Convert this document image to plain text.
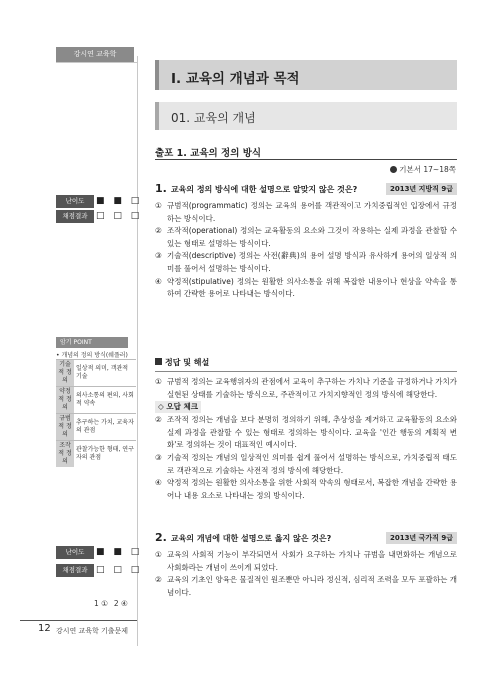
강시연 교육학
난이도	■ ■ □
채점결과 □ □ □
암기 POINT
• 개념의 정의 방식(쉐플러)
기술적 정의	일상적 의미, 객관적 기술
약정적 정의	의사소통의 편의, 사회적 약속
규범적 정의	추구하는 가치, 교육자의 관점
조작적 정의	관찰가능한 형태, 연구자의 관점
난이도	■ ■ □
채점결과 □ □ □
1 ① 2 ④
I. 교육의 개념과 목적
01. 교육의 개념
출포 1. 교육의 정의 방식
기본서 17~18쪽
1. 교육의 정의 방식에 대한 설명으로 알맞지 않은 것은?	2013년 지방직 9급
① 규범적(programmatic) 정의는 교육의 용어를 객관적이고 가치중립적인 입장에서 규정하는 방식이다.
② 조작적(operational) 정의는 교육활동의 요소와 그것이 작용하는 실제 과정을 관찰할 수 있는 형태로 설명하는 방식이다.
③ 기술적(descriptive) 정의는 사전(辭典)의 용어 설명 방식과 유사하게 용어의 일상적 의미를 풀어서 설명하는 방식이다.
④ 약정적(stipulative) 정의는 원활한 의사소통을 위해 복잡한 내용이나 현상을 약속을 통하여 간략한 용어로 나타내는 방식이다.
정답 및 해설
① 규범적 정의는 교육행위자의 관점에서 교육이 추구하는 가치나 기준을 규정하거나 가치가 실현된 상태를 기술하는 방식으로, 주관적이고 가치지향적인 정의 방식에 해당한다.
◇ 오답 체크
② 조작적 정의는 개념을 보다 분명히 정의하기 위해, 추상성을 제거하고 교육활동의 요소와 실제 과정을 관찰할 수 있는 형태로 정의하는 방식이다. 교육을 '인간 행동의 계획적 변화'로 정의하는 것이 대표적인 예시이다.
③ 기술적 정의는 개념의 일상적인 의미를 쉽게 풀어서 설명하는 방식으로, 가치중립적 태도로 객관적으로 기술하는 사전적 정의 방식에 해당한다.
④ 약정적 정의는 원활한 의사소통을 위한 사회적 약속의 형태로서, 복잡한 개념을 간략한 용어나 내용 요소로 나타내는 정의 방식이다.
2. 교육의 개념에 대한 설명으로 옳지 않은 것은?	2013년 국가직 9급
① 교육의 사회적 기능이 부각되면서 사회가 요구하는 가치나 규범을 내면화하는 개념으로 사회화라는 개념이 쓰이게 되었다.
② 교육의 기초인 양육은 물질적인 원조뿐만 아니라 정신적, 심리적 조력을 모두 포괄하는 개념이다.
12 강시연 교육학 기출문제
